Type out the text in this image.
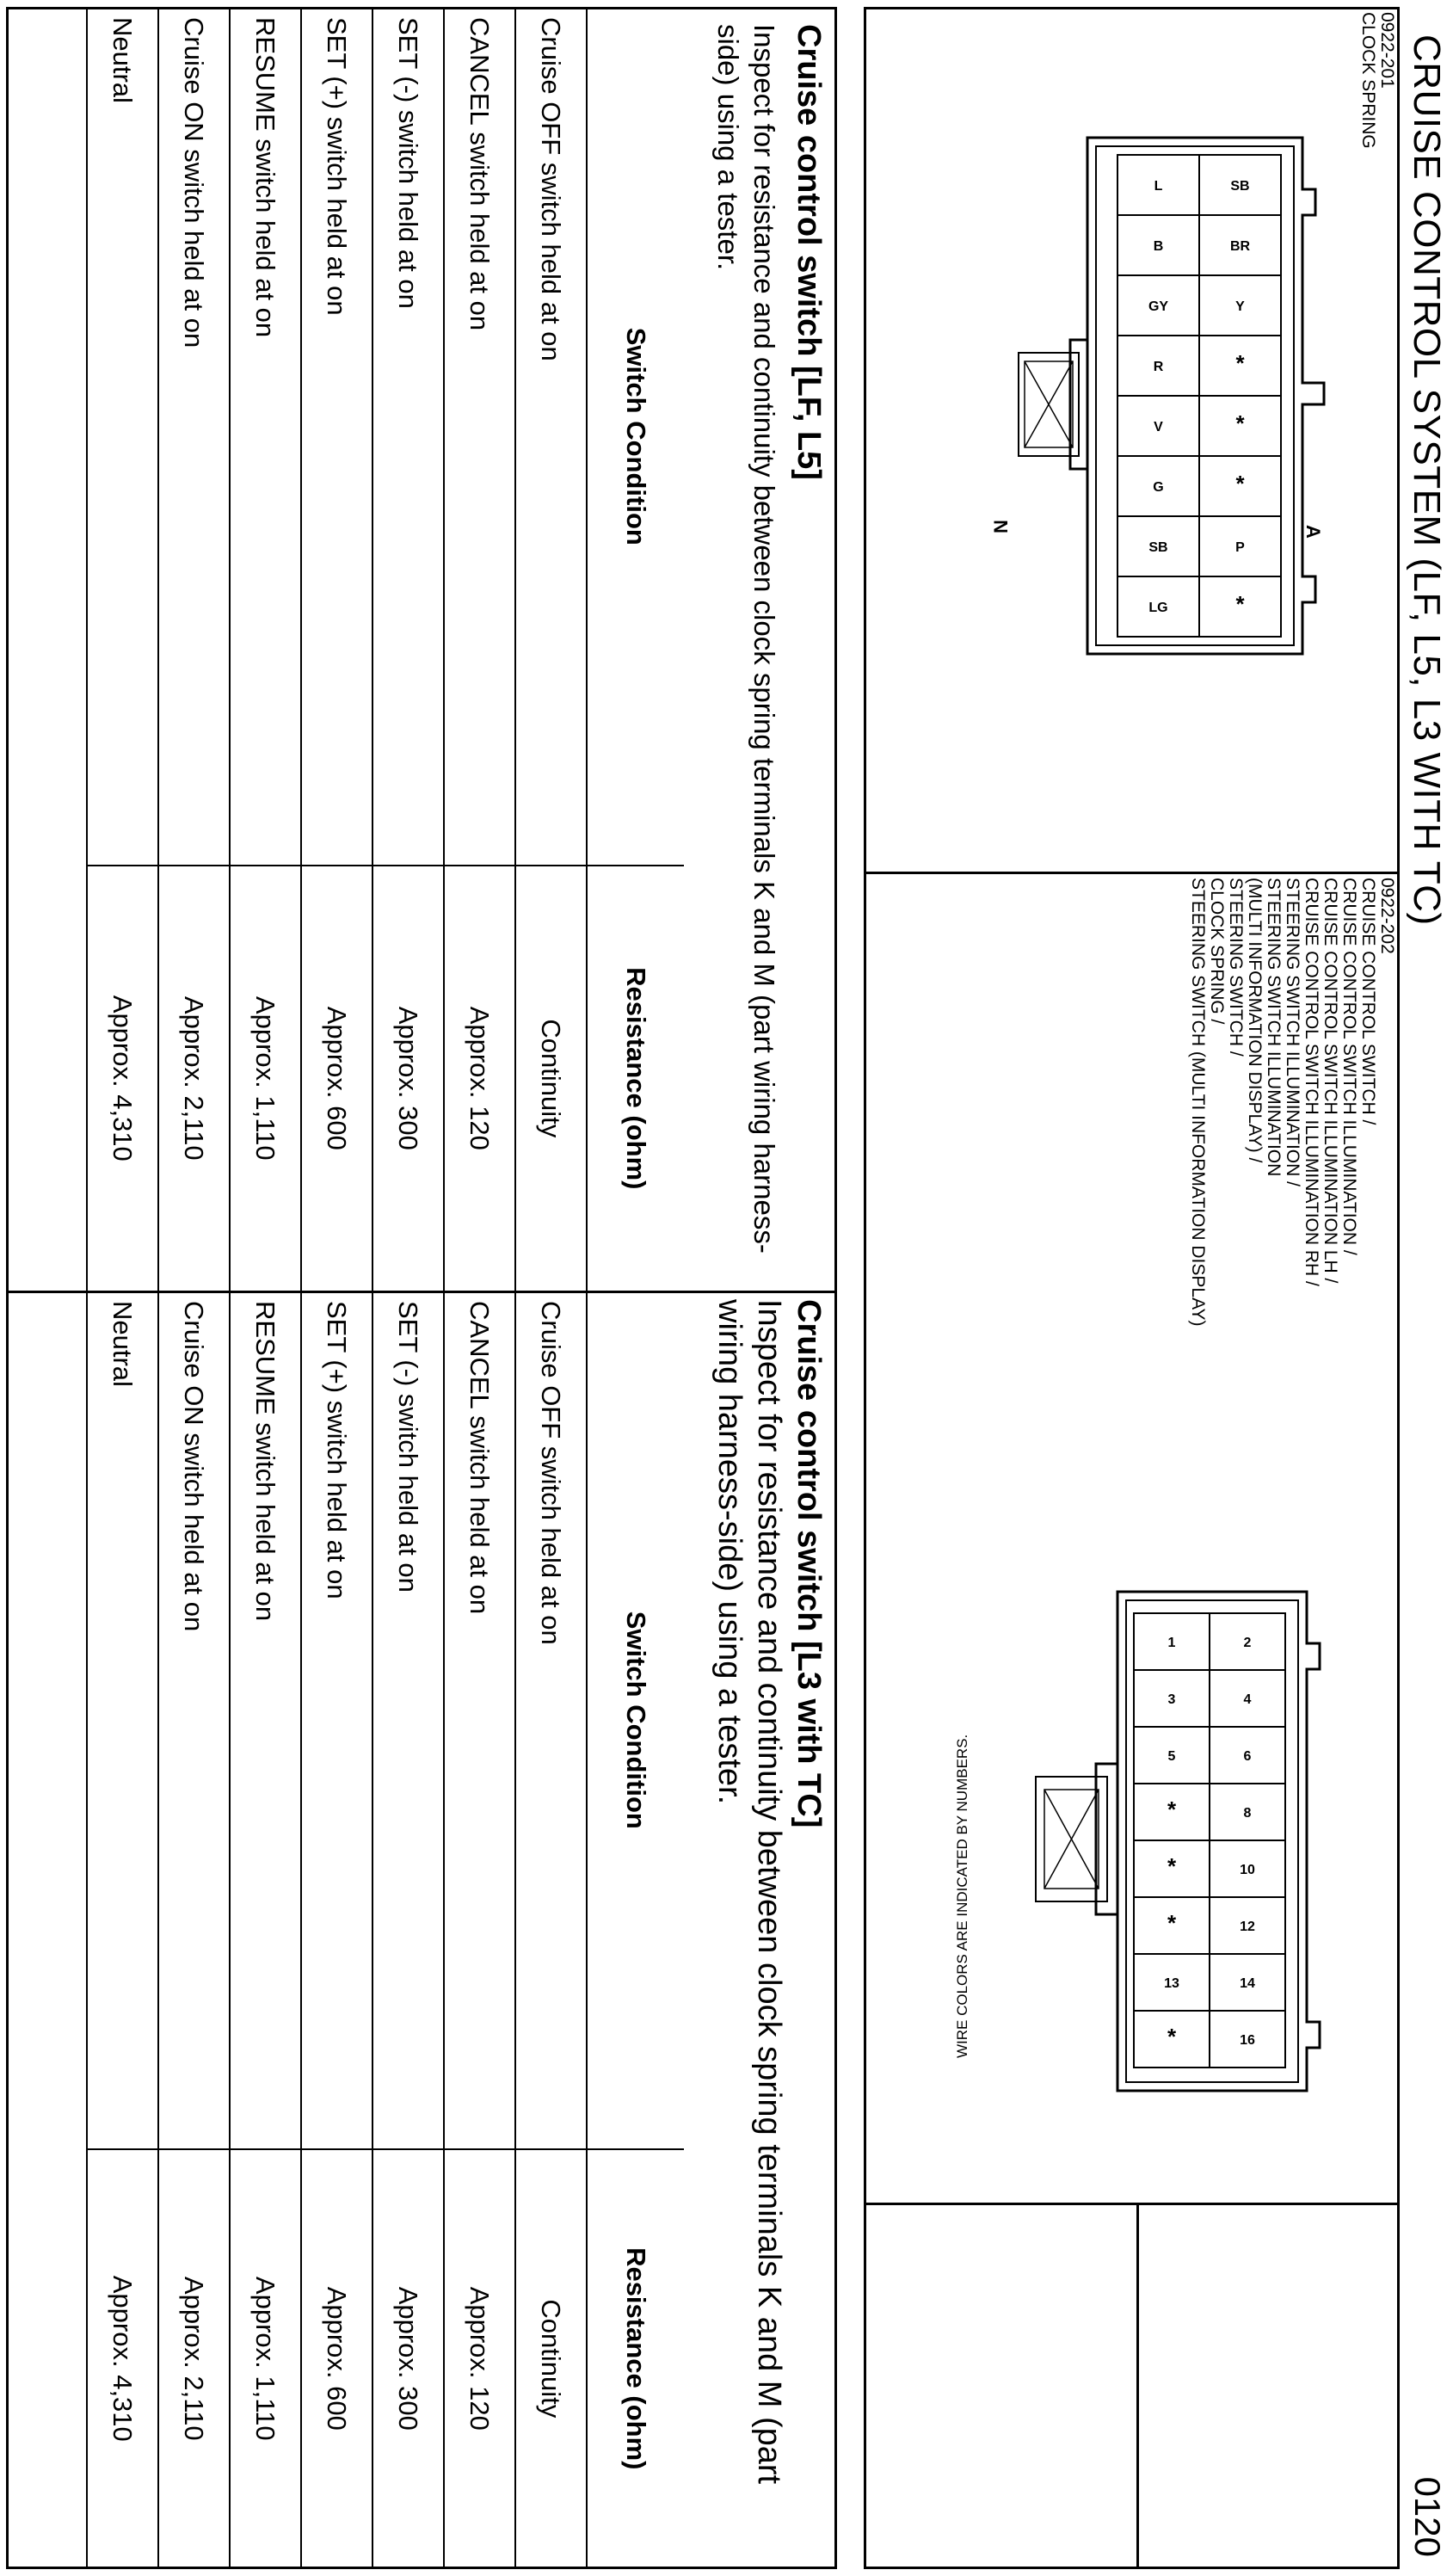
CRUISE CONTROL SYSTEM (LF, L5, L3 WITH TC)
0120
0922-201
CLOCK SPRING
SB
BR
Y
*
*
*
P
*
L
B
GY
R
V
G
SB
LG
A
N
0922-202
CRUISE CONTROL SWITCH /
CRUISE CONTROL SWITCH ILLUMINATION /
CRUISE CONTROL SWITCH ILLUMINATION LH /
CRUISE CONTROL SWITCH ILLUMINATION RH /
STEERING SWITCH ILLUMINATION /
STEERING SWITCH ILLUMINATION
(MULTI INFORMATION DISPLAY) /
STEERING SWITCH /
CLOCK SPRING /
STEERING SWITCH (MULTI INFORMATION DISPLAY)
2
4
6
8
10
12
14
16
1
3
5
*
*
*
13
*
WIRE COLORS ARE INDICATED BY NUMBERS.
Cruise control switch [LF, L5]
Inspect for resistance and continuity between clock spring terminals K and M (part wiring harness-side) using a tester.
Switch Condition	Resistance (ohm)
Cruise OFF switch held at on	Continuity
CANCEL switch held at on	Approx. 120
SET (-) switch held at on	Approx. 300
SET (+) switch held at on	Approx. 600
RESUME switch held at on	Approx. 1,110
Cruise ON switch held at on	Approx. 2,110
Neutral	Approx. 4,310
Cruise control switch [L3 with TC]
Inspect for resistance and continuity between clock spring terminals K and M (part wiring harness-side) using a tester.
Switch Condition	Resistance (ohm)
Cruise OFF switch held at on	Continuity
CANCEL switch held at on	Approx. 120
SET (-) switch held at on	Approx. 300
SET (+) switch held at on	Approx. 600
RESUME switch held at on	Approx. 1,110
Cruise ON switch held at on	Approx. 2,110
Neutral	Approx. 4,310
